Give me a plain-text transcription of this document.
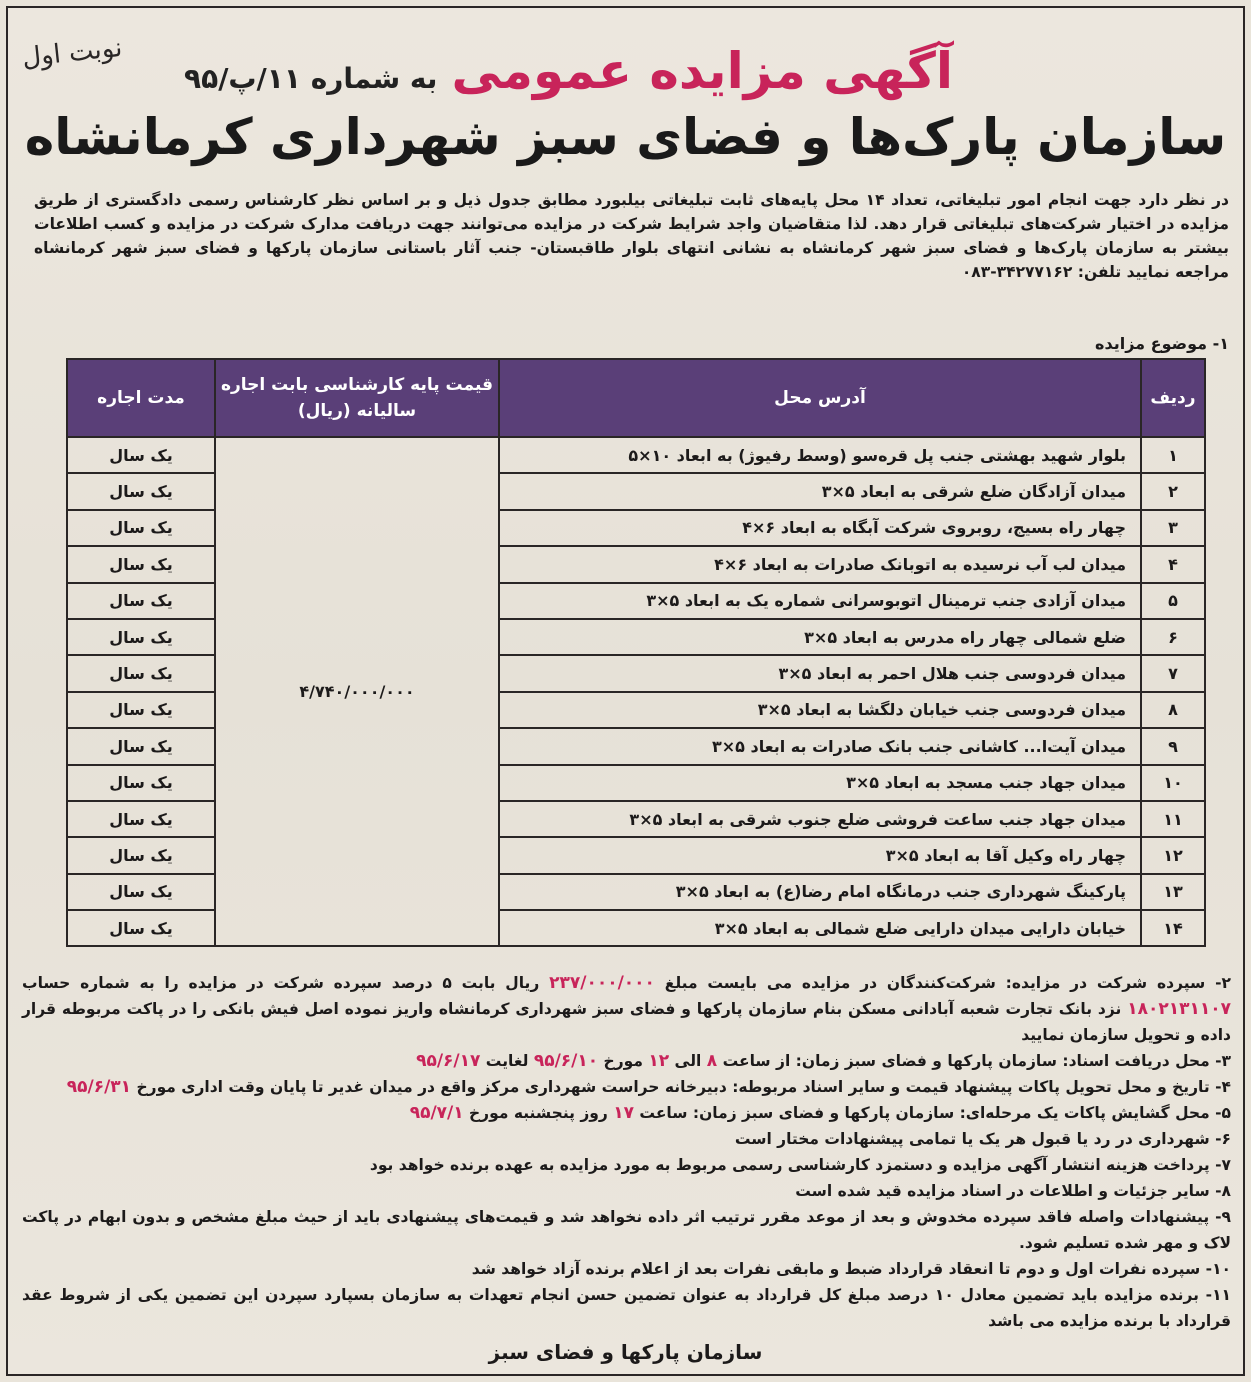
نوبت اول	آگهی مزایده عمومی
به شماره ۱۱/پ/۹۵
سازمان پارک‌ها و فضای سبز شهرداری کرمانشاه
در نظر دارد جهت انجام امور تبلیغاتی، تعداد ۱۴ محل پایه‌های ثابت تبلیغاتی بیلبورد مطابق جدول ذیل و بر اساس نظر کارشناس رسمی دادگستری از طریق مزایده در اختیار شرکت‌های تبلیغاتی قرار دهد. لذا متقاضیان واجد شرایط شرکت در مزایده می‌توانند جهت دریافت مدارک شرکت در مزایده و کسب اطلاعات بیشتر به سازمان پارک‌ها و فضای سبز شهر کرمانشاه به نشانی انتهای بلوار طاقبستان- جنب آثار باستانی سازمان پارکها و فضای سبز شهر کرمانشاه مراجعه نمایید تلفن: ۳۴۲۷۷۱۶۲-۰۸۳
۱- موضوع مزایده
ردیف	آدرس محل	قیمت پایه کارشناسی بابت اجاره سالیانه (ریال)	مدت اجاره
۱	بلوار شهید بهشتی جنب پل قره‌سو (وسط رفیوژ) به ابعاد ۱۰×۵	۴/۷۴۰/۰۰۰/۰۰۰	یک سال
۲	میدان آزادگان ضلع شرقی به ابعاد ۵×۳		یک سال
۳	چهار راه بسیج، روبروی شرکت آبگاه به ابعاد ۶×۴		یک سال
۴	میدان لب آب نرسیده به اتوبانک صادرات به ابعاد ۶×۴		یک سال
۵	میدان آزادی جنب ترمینال اتوبوسرانی شماره یک به ابعاد ۵×۳		یک سال
۶	ضلع شمالی چهار راه مدرس به ابعاد ۵×۳		یک سال
۷	میدان فردوسی جنب هلال احمر به ابعاد ۵×۳		یک سال
۸	میدان فردوسی جنب خیابان دلگشا به ابعاد ۵×۳		یک سال
۹	میدان آیت‌ا... کاشانی جنب بانک صادرات به ابعاد ۵×۳		یک سال
۱۰	میدان جهاد جنب مسجد به ابعاد ۵×۳		یک سال
۱۱	میدان جهاد جنب ساعت فروشی ضلع جنوب شرقی به ابعاد ۵×۳		یک سال
۱۲	چهار راه وکیل آقا به ابعاد ۵×۳		یک سال
۱۳	پارکینگ شهرداری جنب درمانگاه امام رضا(ع) به ابعاد ۵×۳		یک سال
۱۴	خیابان دارایی میدان دارایی ضلع شمالی به ابعاد ۵×۳		یک سال

۲- سپرده شرکت در مزایده: شرکت‌کنندگان در مزایده می بایست مبلغ ۲۳۷/۰۰۰/۰۰۰ ریال بابت ۵ درصد سپرده شرکت در مزایده را به شماره حساب ۱۸۰۲۱۳۱۱۰۷ نزد بانک تجارت شعبه آبادانی مسکن بنام سازمان پارکها و فضای سبز شهرداری کرمانشاه واریز نموده اصل فیش بانکی را در پاکت مربوطه قرار داده و تحویل سازمان نمایید

۳- محل دریافت اسناد: سازمان پارکها و فضای سبز زمان: از ساعت ۸ الی ۱۲ مورخ ۹۵/۶/۱۰ لغایت ۹۵/۶/۱۷

۴- تاریخ و محل تحویل پاکات پیشنهاد قیمت و سایر اسناد مربوطه: دبیرخانه حراست شهرداری مرکز واقع در میدان غدیر تا پایان وقت اداری مورخ ۹۵/۶/۳۱

۵- محل گشایش پاکات یک مرحله‌ای: سازمان پارکها و فضای سبز زمان: ساعت ۱۷ روز پنجشنبه مورخ ۹۵/۷/۱

۶- شهرداری در رد یا قبول هر یک یا تمامی پیشنهادات مختار است

۷- پرداخت هزینه انتشار آگهی مزایده و دستمزد کارشناسی رسمی مربوط به مورد مزایده به عهده برنده خواهد بود

۸- سایر جزئیات و اطلاعات در اسناد مزایده قید شده است

۹- پیشنهادات واصله فاقد سپرده مخدوش و بعد از موعد مقرر ترتیب اثر داده نخواهد شد و قیمت‌های پیشنهادی باید از حیث مبلغ مشخص و بدون ابهام در پاکت لاک و مهر شده تسلیم شود.

۱۰- سپرده نفرات اول و دوم تا انعقاد قرارداد ضبط و مابقی نفرات بعد از اعلام برنده آزاد خواهد شد

۱۱- برنده مزایده باید تضمین معادل ۱۰ درصد مبلغ کل قرارداد به عنوان تضمین حسن انجام تعهدات به سازمان بسپارد سپردن این تضمین یکی از شروط عقد قرارداد با برنده مزایده می باشد

سازمان پارکها و فضای سبز
